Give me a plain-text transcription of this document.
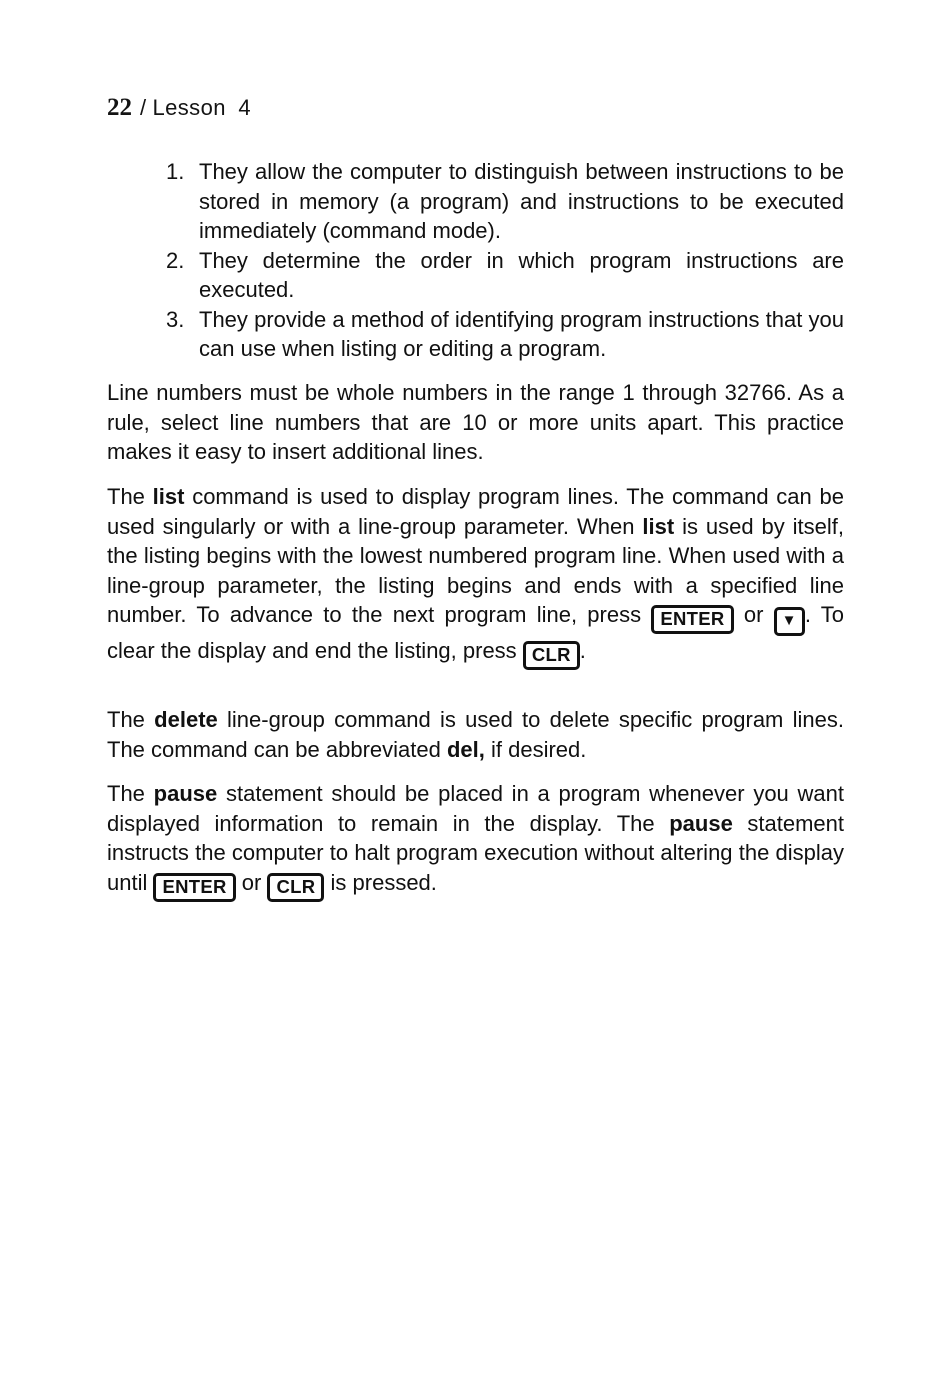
22 / Lesson 4
1. They allow the computer to distinguish between instructions to be stored in memory (a program) and instructions to be executed immediately (command mode).
2. They determine the order in which program instructions are executed.
3. They provide a method of identifying program instructions that you can use when listing or editing a program.
Line numbers must be whole numbers in the range 1 through 32766. As a rule, select line numbers that are 10 or more units apart. This practice makes it easy to insert additional lines.
The list command is used to display program lines. The command can be used singularly or with a line-group parameter. When list is used by itself, the listing begins with the lowest numbered program line. When used with a line-group parameter, the listing begins and ends with a specified line number. To advance to the next program line, press ENTER or ▼ . To clear the display and end the listing, press CLR .
The delete line-group command is used to delete specific program lines. The command can be abbreviated del, if desired.
The pause statement should be placed in a program whenever you want displayed information to remain in the display. The pause statement instructs the computer to halt program execution without altering the display until ENTER or CLR is pressed.
